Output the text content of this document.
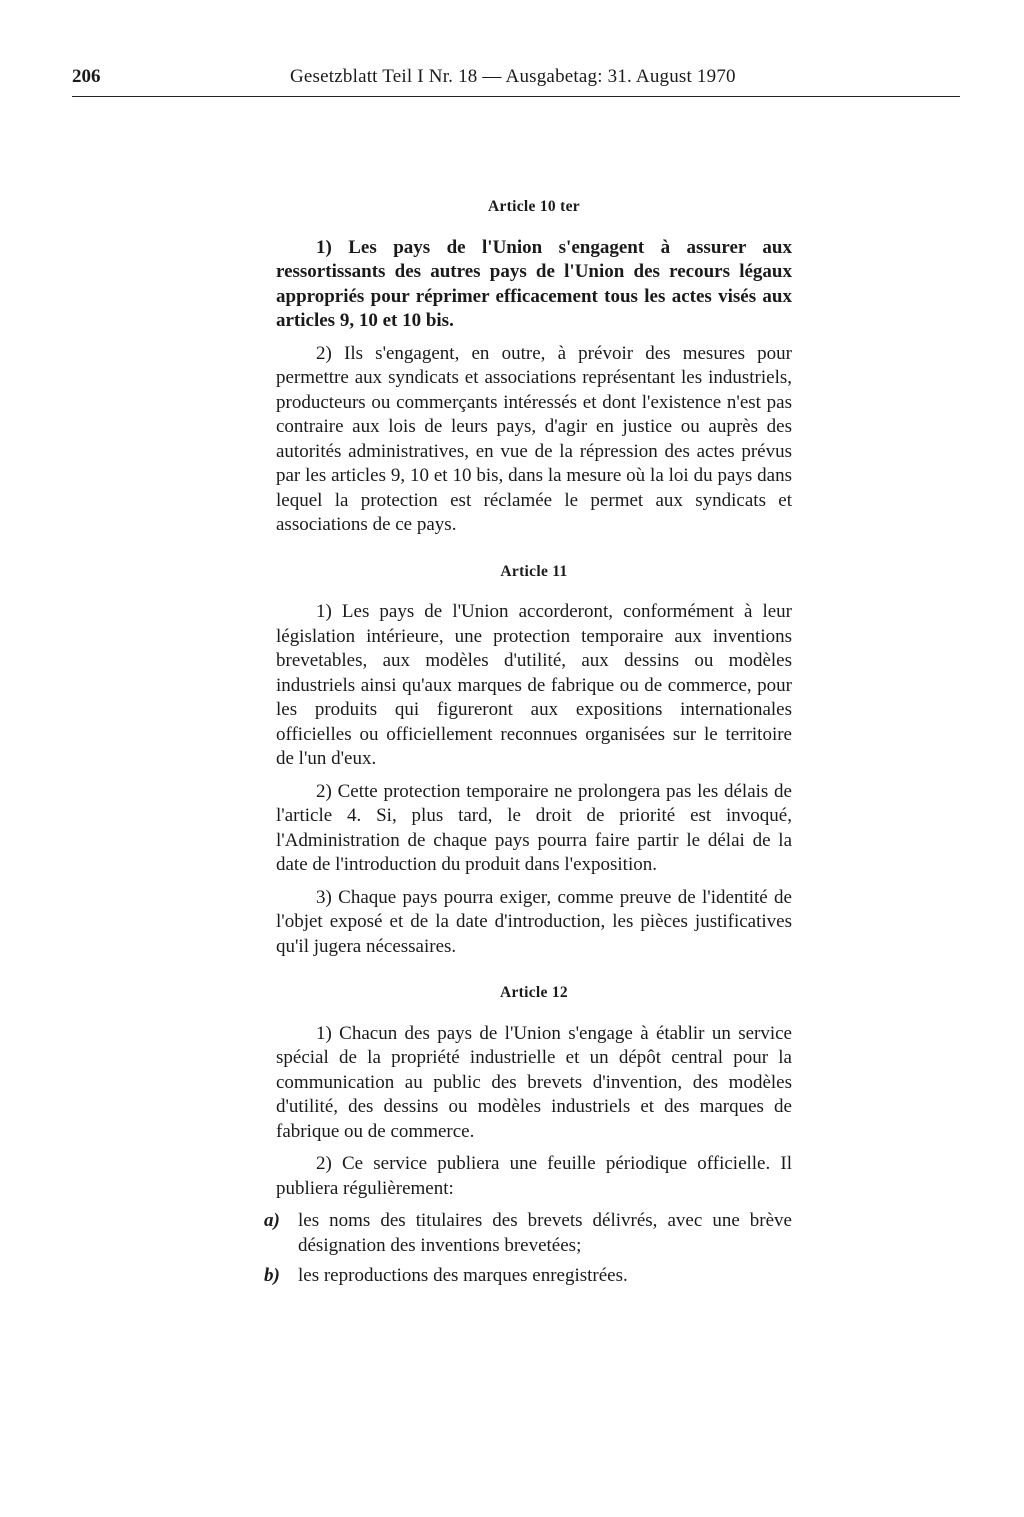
206	Gesetzblatt Teil I Nr. 18 — Ausgabetag: 31. August 1970
Article 10 ter

1) Les pays de l'Union s'engagent à assurer aux ressortissants des autres pays de l'Union des recours légaux appropriés pour réprimer efficacement tous les actes visés aux articles 9, 10 et 10 bis.

2) Ils s'engagent, en outre, à prévoir des mesures pour permettre aux syndicats et associations représentant les industriels, producteurs ou commerçants intéressés et dont l'existence n'est pas contraire aux lois de leurs pays, d'agir en justice ou auprès des autorités administratives, en vue de la répression des actes prévus par les articles 9, 10 et 10 bis, dans la mesure où la loi du pays dans lequel la protection est réclamée le permet aux syndicats et associations de ce pays.

Article 11

1) Les pays de l'Union accorderont, conformément à leur législation intérieure, une protection temporaire aux inventions brevetables, aux modèles d'utilité, aux dessins ou modèles industriels ainsi qu'aux marques de fabrique ou de commerce, pour les produits qui figureront aux expositions internationales officielles ou officiellement reconnues organisées sur le territoire de l'un d'eux.

2) Cette protection temporaire ne prolongera pas les délais de l'article 4. Si, plus tard, le droit de priorité est invoqué, l'Administration de chaque pays pourra faire partir le délai de la date de l'introduction du produit dans l'exposition.

3) Chaque pays pourra exiger, comme preuve de l'identité de l'objet exposé et de la date d'introduction, les pièces justificatives qu'il jugera nécessaires.

Article 12

1) Chacun des pays de l'Union s'engage à établir un service spécial de la propriété industrielle et un dépôt central pour la communication au public des brevets d'invention, des modèles d'utilité, des dessins ou modèles industriels et des marques de fabrique ou de commerce.

2) Ce service publiera une feuille périodique officielle. Il publiera régulièrement:

a) les noms des titulaires des brevets délivrés, avec une brève désignation des inventions brevetées;
b) les reproductions des marques enregistrées.
